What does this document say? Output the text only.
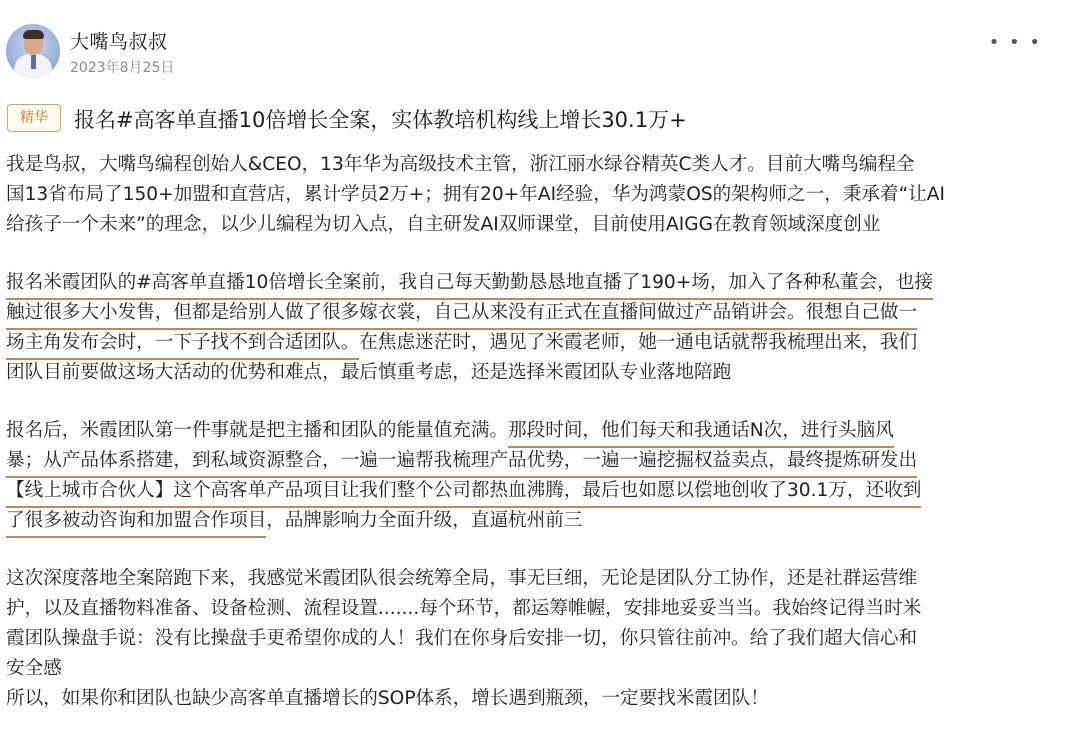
大嘴鸟叔叔
2023年8月25日
• • •
精华	报名#高客单直播10倍增长全案，实体教培机构线上增长30.1万+
我是鸟叔，大嘴鸟编程创始人&CEO，13年华为高级技术主管，浙江丽水绿谷精英C类人才。目前大嘴鸟编程全
国13省布局了150+加盟和直营店，累计学员2万+；拥有20+年AI经验，华为鸿蒙OS的架构师之一，秉承着“让AI
给孩子一个未来”的理念，以少儿编程为切入点，自主研发AI双师课堂，目前使用AIGG在教育领域深度创业
报名米霞团队的#高客单直播10倍增长全案前，我自己每天勤勤恳恳地直播了190+场，加入了各种私董会，也接
触过很多大小发售，但都是给别人做了很多嫁衣裳，自己从来没有正式在直播间做过产品销讲会。很想自己做一
场主角发布会时，一下子找不到合适团队。在焦虑迷茫时，遇见了米霞老师，她一通电话就帮我梳理出来，我们
团队目前要做这场大活动的优势和难点，最后慎重考虑，还是选择米霞团队专业落地陪跑
报名后，米霞团队第一件事就是把主播和团队的能量值充满。那段时间，他们每天和我通话N次，进行头脑风
暴；从产品体系搭建，到私域资源整合，一遍一遍帮我梳理产品优势，一遍一遍挖掘权益卖点，最终提炼研发出
【线上城市合伙人】这个高客单产品项目让我们整个公司都热血沸腾，最后也如愿以偿地创收了30.1万，还收到
了很多被动咨询和加盟合作项目，品牌影响力全面升级，直逼杭州前三
这次深度落地全案陪跑下来，我感觉米霞团队很会统筹全局，事无巨细，无论是团队分工协作，还是社群运营维
护，以及直播物料准备、设备检测、流程设置.......每个环节，都运筹帷幄，安排地妥妥当当。我始终记得当时米
霞团队操盘手说：没有比操盘手更希望你成的人！我们在你身后安排一切，你只管往前冲。给了我们超大信心和
安全感
所以，如果你和团队也缺少高客单直播增长的SOP体系，增长遇到瓶颈，一定要找米霞团队！
